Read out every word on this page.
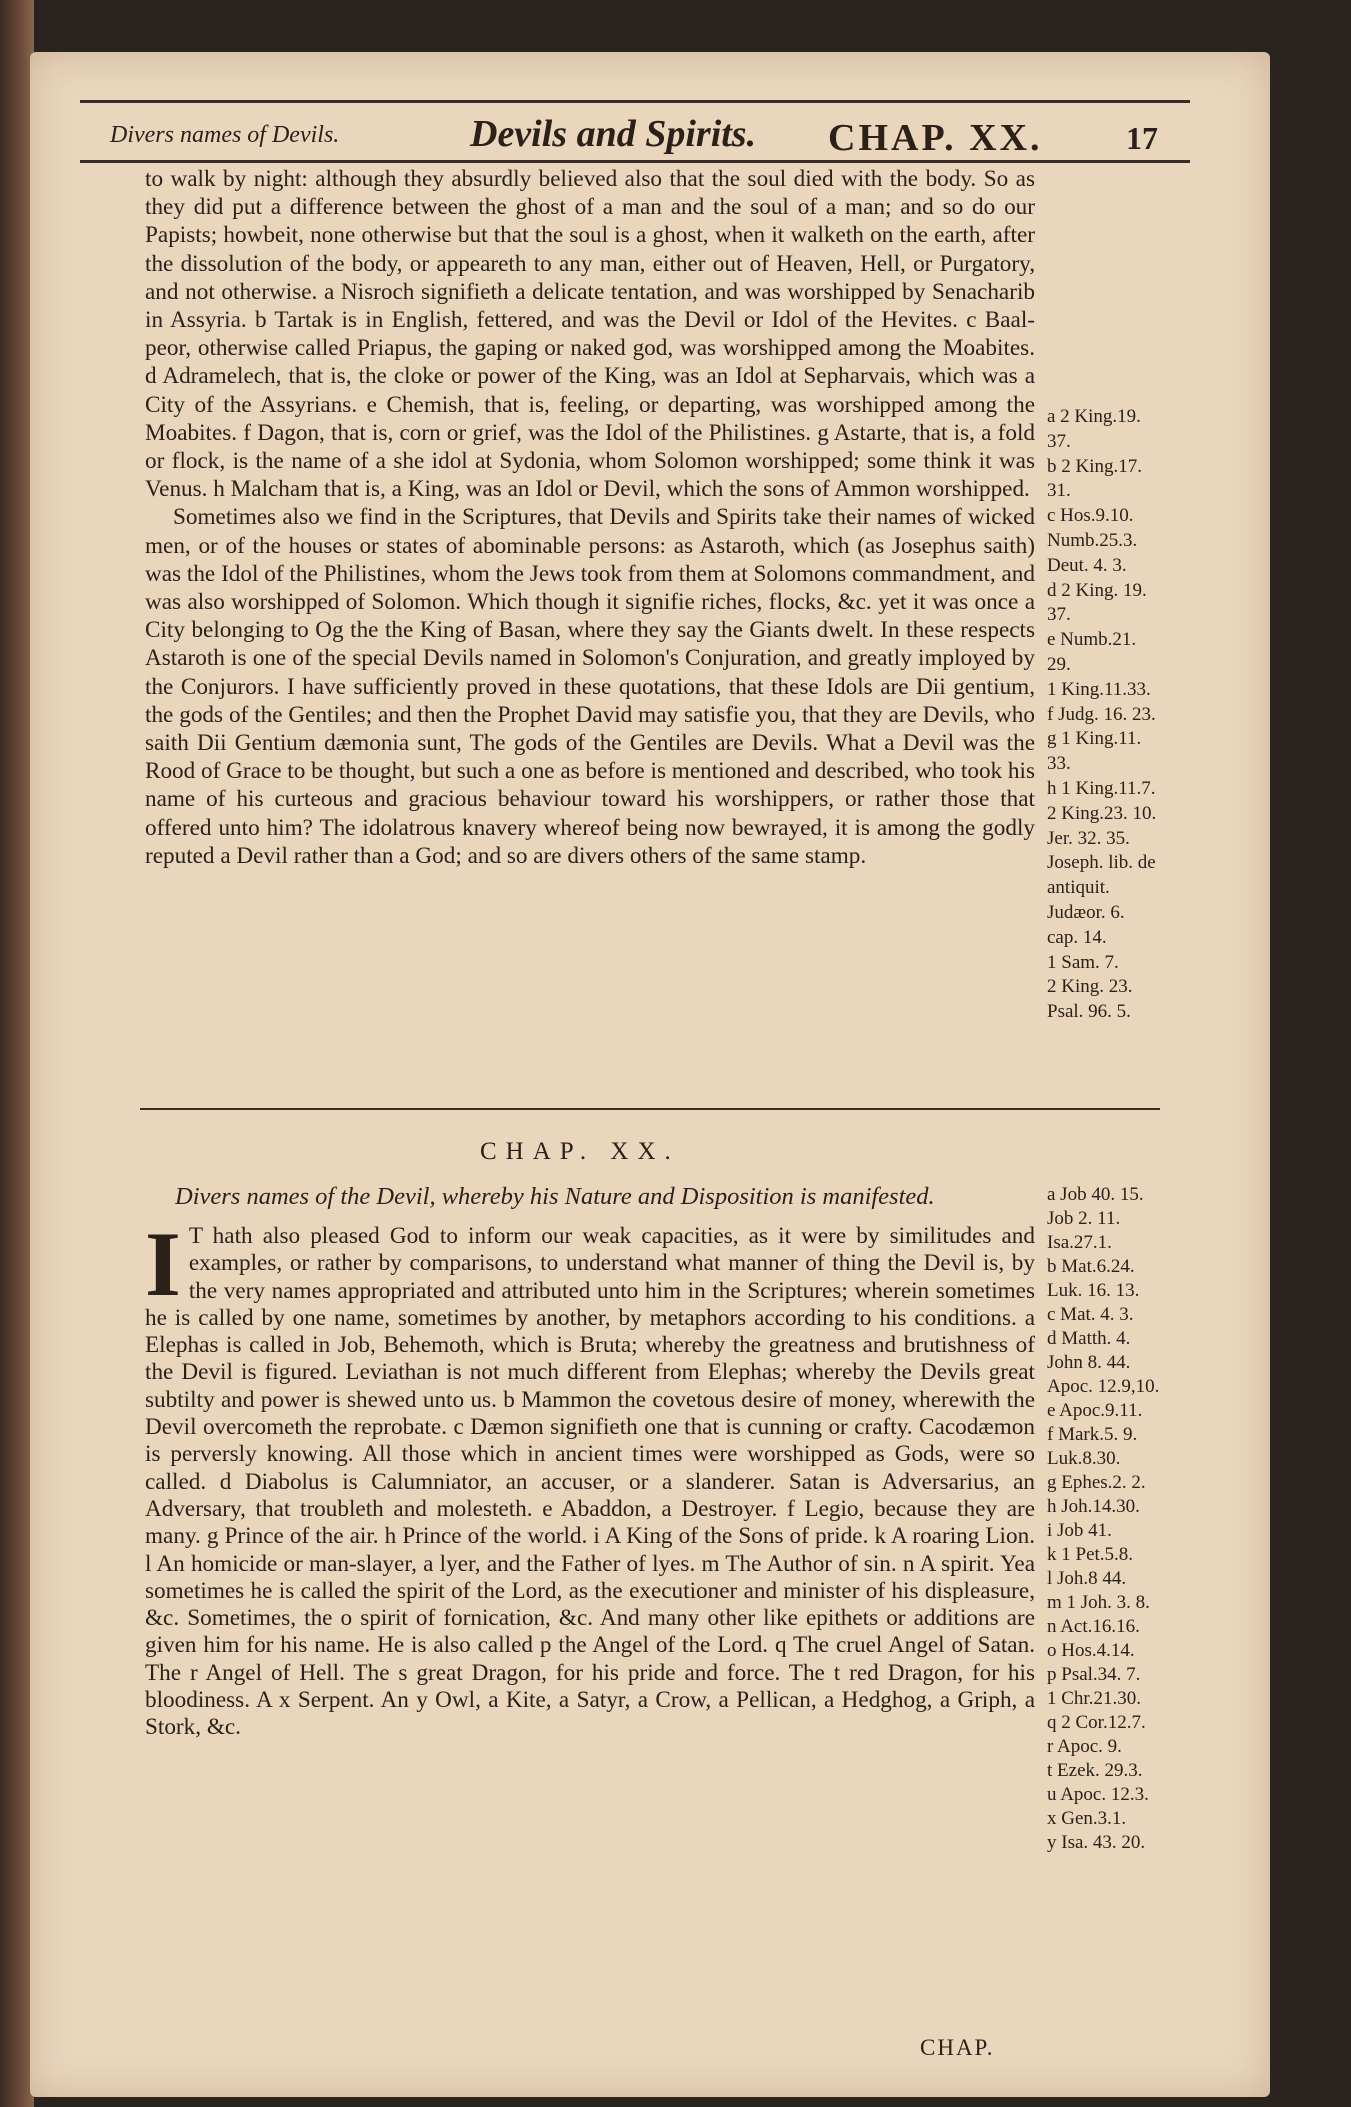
Divers names of Devils.	Devils and Spirits. CHAP. XX.	17

to walk by night: although they absurdly believed also that the soul died with the body. So as they did put a difference between the ghost of a man and the soul of a man; and so do our Papists; howbeit, none otherwise but that the soul is a ghost, when it walketh on the earth, after the dissolution of the body, or appeareth to any man, either out of Heaven, Hell, or Purgatory, and not otherwise. a Nisroch signifieth a delicate tentation, and was worshipped by Senacharib in Assyria. b Tartak is in English, fettered, and was the Devil or Idol of the Hevites. c Baal-peor, otherwise called Priapus, the gaping or naked god, was worshipped among the Moabites. d Adramelech, that is, the cloke or power of the King, was an Idol at Sepharvais, which was a City of the Assyrians. e Chemish, that is, feeling, or departing, was worshipped among the Moabites. f Dagon, that is, corn or grief, was the Idol of the Philistines. g Astarte, that is, a fold or flock, is the name of a she idol at Sydonia, whom Solomon worshipped; some think it was Venus. h Malcham that is, a King, was an Idol or Devil, which the sons of Ammon worshipped.

Sometimes also we find in the Scriptures, that Devils and Spirits take their names of wicked men, or of the houses or states of abominable persons: as Astaroth, which (as Josephus saith) was the Idol of the Philistines, whom the Jews took from them at Solomons commandment, and was also worshipped of Solomon. Which though it signifie riches, flocks, &c. yet it was once a City belonging to Og the the King of Basan, where they say the Giants dwelt. In these respects Astaroth is one of the special Devils named in Solomon's Conjuration, and greatly imployed by the Conjurors. I have sufficiently proved in these quotations, that these Idols are Dii gentium, the gods of the Gentiles; and then the Prophet David may satisfie you, that they are Devils, who saith Dii Gentium dæmonia sunt, The gods of the Gentiles are Devils. What a Devil was the Rood of Grace to be thought, but such a one as before is mentioned and described, who took his name of his curteous and gracious behaviour toward his worshippers, or rather those that offered unto him? The idolatrous knavery whereof being now bewrayed, it is among the godly reputed a Devil rather than a God; and so are divers others of the same stamp.

a 2 King.19.
37.
b 2 King.17.
31.
c Hos.9.10.
Numb.25.3.
Deut. 4. 3.
d 2 King. 19.
37.
e Numb.21.
29.
1 King.11.33.
f Judg. 16. 23.
g 1 King.11.
33.
h 1 King.11.7.
2 King.23. 10.
Jer. 32. 35.
Joseph. lib. de
antiquit.
Judæor. 6.
cap. 14.
1 Sam. 7.
2 King. 23.
Psal. 96. 5.
CHAP. XX.
Divers names of the Devil, whereby his Nature and Disposition is manifested.

I T hath also pleased God to inform our weak capacities, as it were by similitudes and examples, or rather by comparisons, to understand what manner of thing the Devil is, by the very names appropriated and attributed unto him in the Scriptures; wherein sometimes he is called by one name, sometimes by another, by metaphors according to his conditions. a Elephas is called in Job, Behemoth, which is Bruta; whereby the greatness and brutishness of the Devil is figured. Leviathan is not much different from Elephas; whereby the Devils great subtilty and power is shewed unto us. b Mammon the covetous desire of money, wherewith the Devil overcometh the reprobate. c Dæmon signifieth one that is cunning or crafty. Cacodæmon is perversly knowing. All those which in ancient times were worshipped as Gods, were so called. d Diabolus is Calumniator, an accuser, or a slanderer. Satan is Adversarius, an Adversary, that troubleth and molesteth. e Abaddon, a Destroyer. f Legio, because they are many. g Prince of the air. h Prince of the world. i A King of the Sons of pride. k A roaring Lion. l An homicide or man-slayer, a lyer, and the Father of lyes. m The Author of sin. n A spirit. Yea sometimes he is called the spirit of the Lord, as the executioner and minister of his displeasure, &c. Sometimes, the o spirit of fornication, &c. And many other like epithets or additions are given him for his name. He is also called p the Angel of the Lord. q The cruel Angel of Satan. The r Angel of Hell. The s great Dragon, for his pride and force. The t red Dragon, for his bloodiness. A x Serpent. An y Owl, a Kite, a Satyr, a Crow, a Pellican, a Hedghog, a Griph, a Stork, &c.

a Job 40. 15.
Job 2. 11.
Isa.27.1.
b Mat.6.24.
Luk. 16. 13.
c Mat. 4. 3.
d Matth. 4.
John 8. 44.
Apoc. 12.9,10.
e Apoc.9.11.
f Mark.5. 9.
Luk.8.30.
g Ephes.2. 2.
h Joh.14.30.
i Job 41.
k 1 Pet.5.8.
l Joh.8 44.
m 1 Joh. 3. 8.
n Act.16.16.
o Hos.4.14.
p Psal.34. 7.
1 Chr.21.30.
q 2 Cor.12.7.
r Apoc. 9.
t Ezek. 29.3.
u Apoc. 12.3.
x Gen.3.1.
y Isa. 43. 20.
CHAP.
